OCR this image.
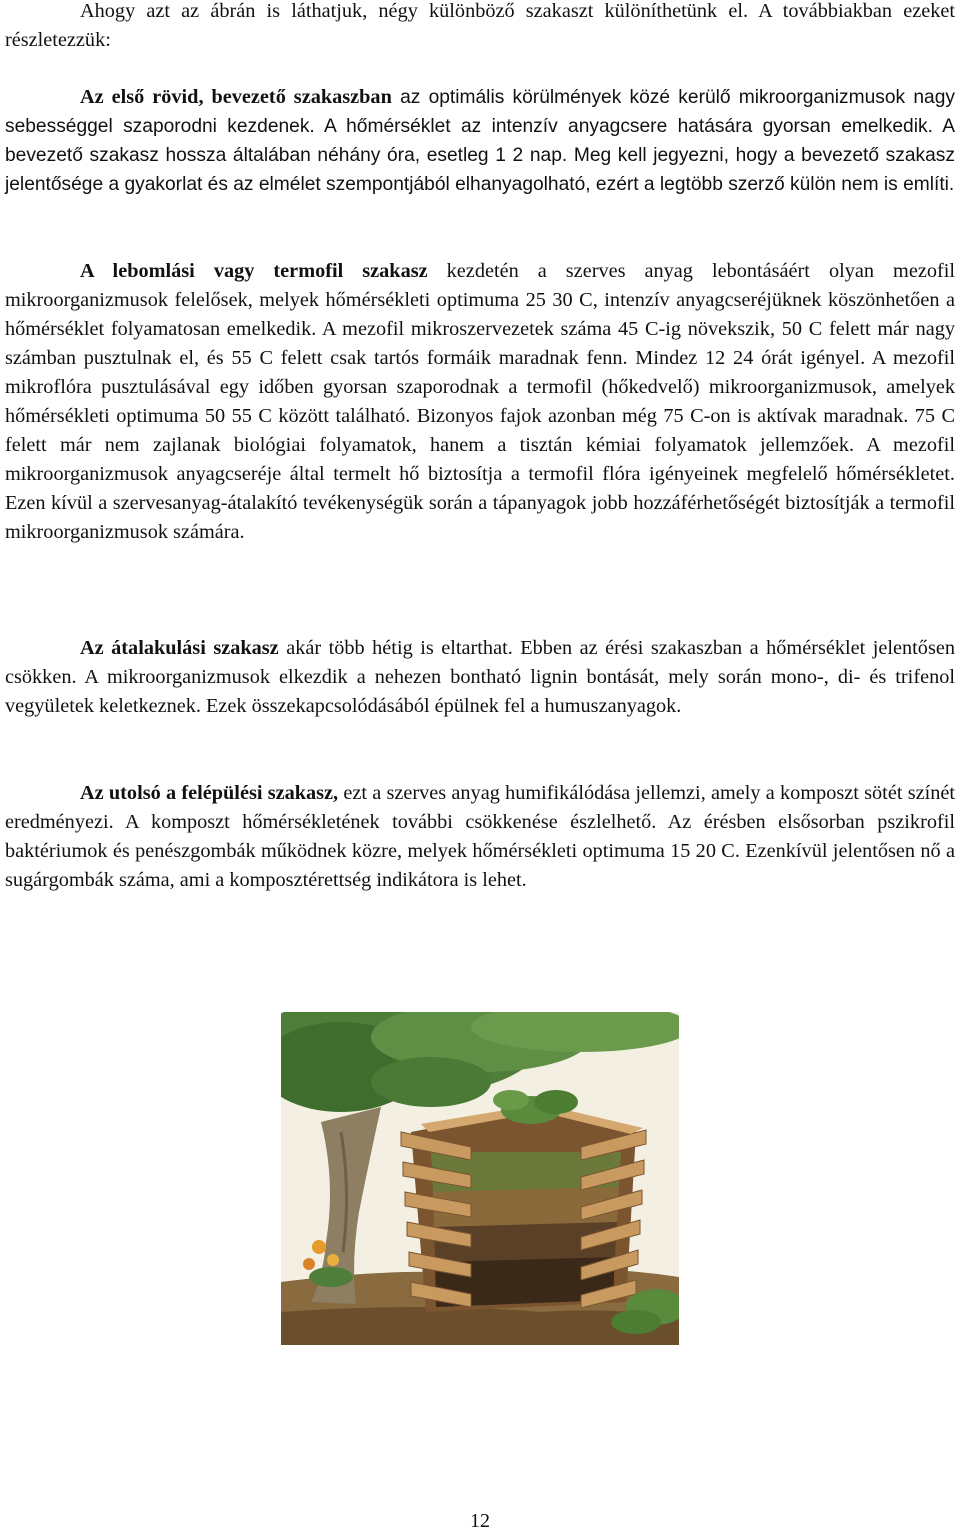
Ahogy azt az ábrán is láthatjuk, négy különböző szakaszt különíthetünk el. A továbbiakban ezeket részletezzük:

Az első rövid, bevezető szakaszban az optimális körülmények közé kerülő mikroorganizmusok nagy sebességgel szaporodni kezdenek. A hőmérséklet az intenzív anyagcsere hatására gyorsan emelkedik. A bevezető szakasz hossza általában néhány óra, esetleg 1 2 nap. Meg kell jegyezni, hogy a bevezető szakasz jelentősége a gyakorlat és az elmélet szempontjából elhanyagolható, ezért a legtöbb szerző külön nem is említi.

A lebomlási vagy termofil szakasz kezdetén a szerves anyag lebontásáért olyan mezofil mikroorganizmusok felelősek, melyek hőmérsékleti optimuma 25 30 C, intenzív anyagcseréjüknek köszönhetően a hőmérséklet folyamatosan emelkedik. A mezofil mikroszervezetek száma 45 C-ig növekszik, 50 C felett már nagy számban pusztulnak el, és 55 C felett csak tartós formáik maradnak fenn. Mindez 12 24 órát igényel. A mezofil mikroflóra pusztulásával egy időben gyorsan szaporodnak a termofil (hőkedvelő) mikroorganizmusok, amelyek hőmérsékleti optimuma 50 55 C között található. Bizonyos fajok azonban még 75 C-on is aktívak maradnak. 75 C felett már nem zajlanak biológiai folyamatok, hanem a tisztán kémiai folyamatok jellemzőek. A mezofil mikroorganizmusok anyagcseréje által termelt hő biztosítja a termofil flóra igényeinek megfelelő hőmérsékletet. Ezen kívül a szervesanyag-átalakító tevékenységük során a tápanyagok jobb hozzáférhetőségét biztosítják a termofil mikroorganizmusok számára.

Az átalakulási szakasz akár több hétig is eltarthat. Ebben az érési szakaszban a hőmérséklet jelentősen csökken. A mikroorganizmusok elkezdik a nehezen bontható lignin bontását, mely során mono-, di- és trifenol vegyületek keletkeznek. Ezek összekapcsolódásából épülnek fel a humuszanyagok.

Az utolsó a felépülési szakasz, ezt a szerves anyag humifikálódása jellemzi, amely a komposzt sötét színét eredményezi. A komposzt hőmérsékletének további csökkenése észlelhető. Az érésben elsősorban pszikrofil baktériumok és penészgombák működnek közre, melyek hőmérsékleti optimuma 15 20 C. Ezenkívül jelentősen nő a sugárgombák száma, ami a komposztérettség indikátora is lehet.

12
